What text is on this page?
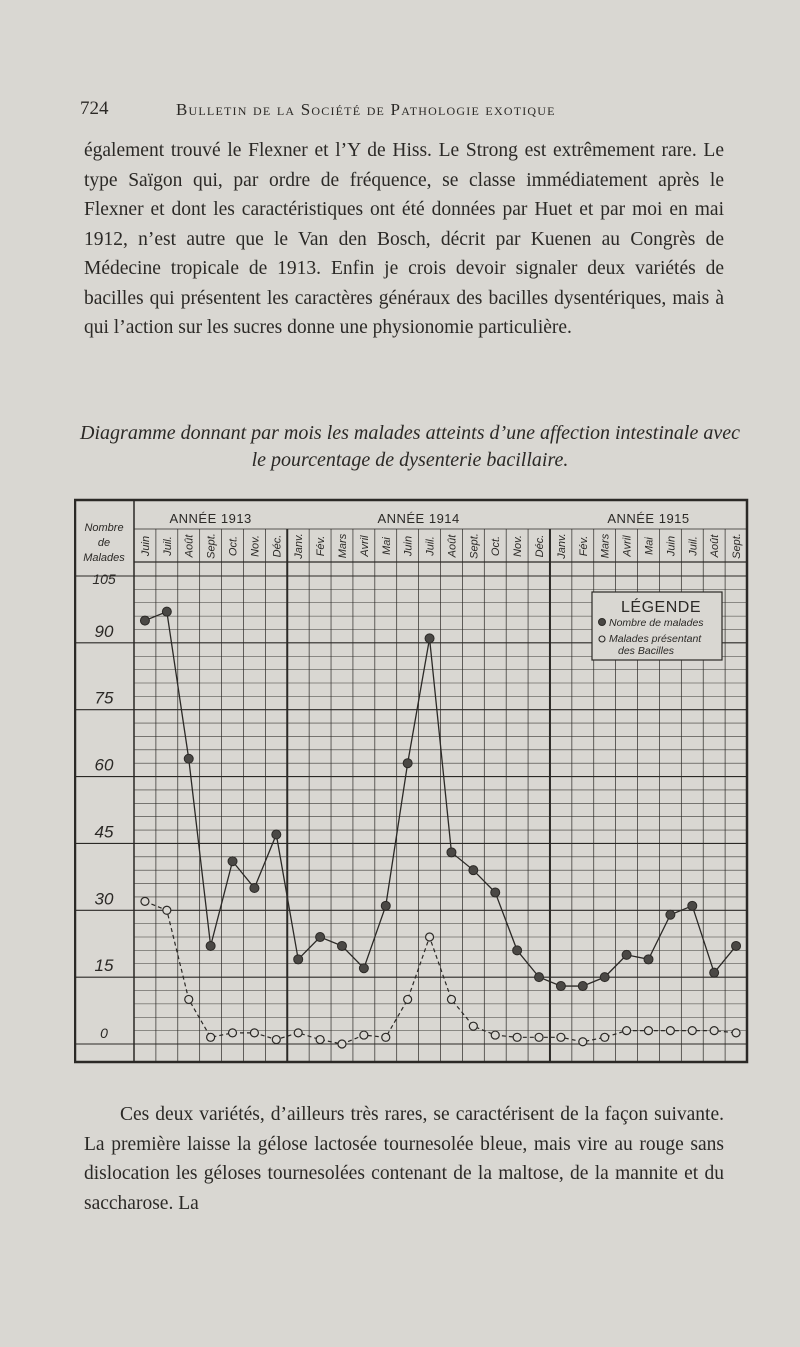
724	Bulletin de la Société de Pathologie exotique

également trouvé le Flexner et l’Y de Hiss. Le Strong est extrêmement rare. Le type Saïgon qui, par ordre de fréquence, se classe immédiatement après le Flexner et dont les caractéristiques ont été données par Huet et par moi en mai 1912, n’est autre que le Van den Bosch, décrit par Kuenen au Congrès de Médecine tropicale de 1913. Enfin je crois devoir signaler deux variétés de bacilles qui présentent les caractères généraux des bacilles dysentériques, mais à qui l’action sur les sucres donne une physionomie particulière.

Diagramme donnant par mois les malades atteints d’une affection intestinale avec le pourcentage de dysenterie bacillaire.
Juin Juil. Août Sept. Oct. Nov. Déc. Janv. Fév. Mars Avril Mai Juin Juil. Août Sept. Oct. Nov. Déc. Janv. Fév. Mars Avril Mai Juin Juil. Août Sept.
ANNÉE 1913	ANNÉE 1914	ANNÉE 1915
Nombre
de
Malades
105
90
75
60
45
30
15
0
LÉGENDE
Nombre de malades
Malades présentant des Bacilles

Ces deux variétés, d’ailleurs très rares, se caractérisent de la façon suivante. La première laisse la gélose lactosée tournesolée bleue, mais vire au rouge sans dislocation les géloses tournesolées contenant de la maltose, de la mannite et du saccharose. La
